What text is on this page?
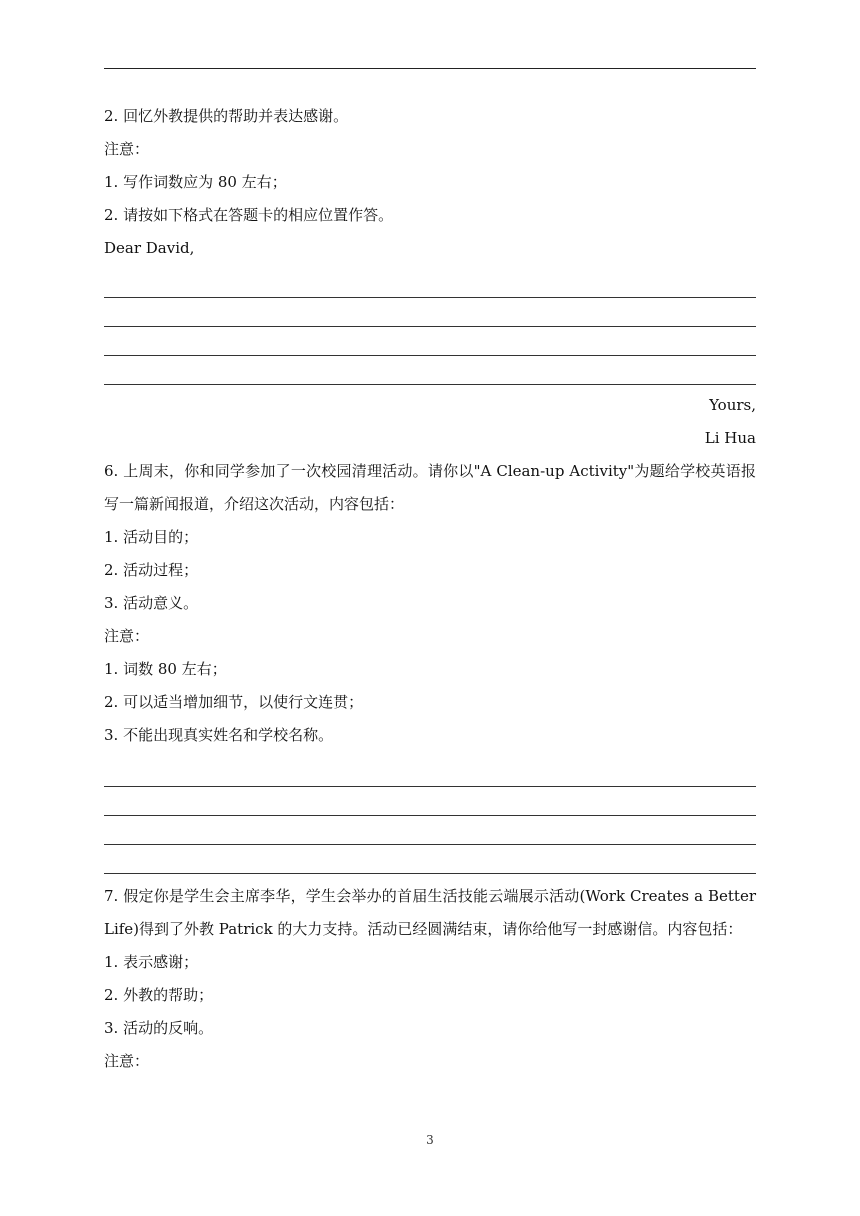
2. 回忆外教提供的帮助并表达感谢。
注意：
1. 写作词数应为 80 左右；
2. 请按如下格式在答题卡的相应位置作答。
Dear David,
Yours,
Li Hua
6. 上周末，你和同学参加了一次校园清理活动。请你以"A Clean-up Activity"为题给学校英语报写一篇新闻报道，介绍这次活动，内容包括：
1. 活动目的；
2. 活动过程；
3. 活动意义。
注意：
1. 词数 80 左右；
2. 可以适当增加细节，以使行文连贯；
3. 不能出现真实姓名和学校名称。
7. 假定你是学生会主席李华，学生会举办的首届生活技能云端展示活动(Work Creates a Better Life)得到了外教 Patrick 的大力支持。活动已经圆满结束，请你给他写一封感谢信。内容包括：
1. 表示感谢；
2. 外教的帮助；
3. 活动的反响。
注意：
3
